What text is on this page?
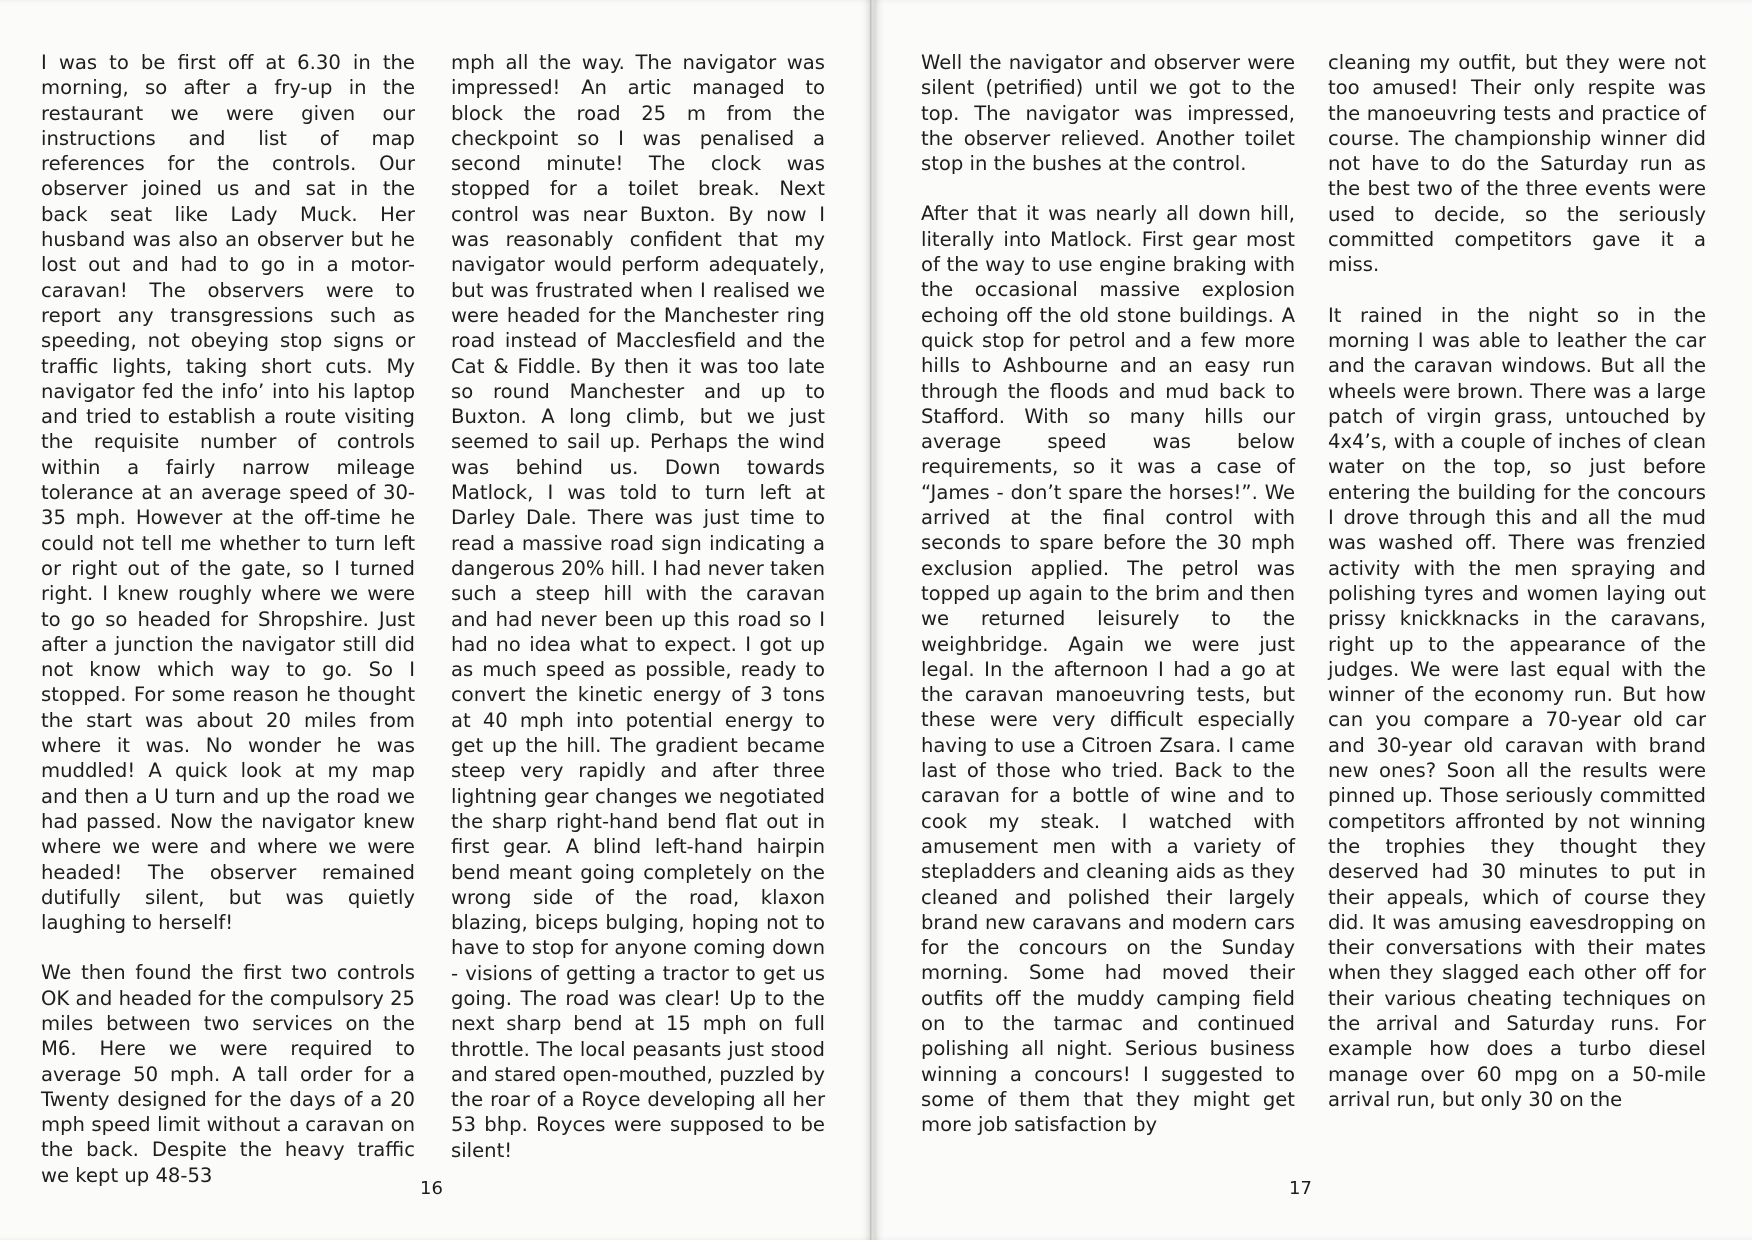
I was to be first off at 6.30 in the morning, so after a fry-up in the restaurant we were given our instructions and list of map references for the controls. Our observer joined us and sat in the back seat like Lady Muck. Her husband was also an observer but he lost out and had to go in a motor-caravan! The observers were to report any transgressions such as speeding, not obeying stop signs or traffic lights, taking short cuts. My navigator fed the info’ into his laptop and tried to establish a route visiting the requisite number of controls within a fairly narrow mileage tolerance at an average speed of 30-35 mph. However at the off-time he could not tell me whether to turn left or right out of the gate, so I turned right. I knew roughly where we were to go so headed for Shropshire. Just after a junction the navigator still did not know which way to go. So I stopped. For some reason he thought the start was about 20 miles from where it was. No wonder he was muddled! A quick look at my map and then a U turn and up the road we had passed. Now the navigator knew where we were and where we were headed! The observer remained dutifully silent, but was quietly laughing to herself!

We then found the first two controls OK and headed for the compulsory 25 miles between two services on the M6. Here we were required to average 50 mph. A tall order for a Twenty designed for the days of a 20 mph speed limit without a caravan on the back. Despite the heavy traffic we kept up 48-53

mph all the way. The navigator was impressed! An artic managed to block the road 25 m from the checkpoint so I was penalised a second minute! The clock was stopped for a toilet break. Next control was near Buxton. By now I was reasonably confident that my navigator would perform adequately, but was frustrated when I realised we were headed for the Manchester ring road instead of Macclesfield and the Cat & Fiddle. By then it was too late so round Manchester and up to Buxton. A long climb, but we just seemed to sail up. Perhaps the wind was behind us. Down towards Matlock, I was told to turn left at Darley Dale. There was just time to read a massive road sign indicating a dangerous 20% hill. I had never taken such a steep hill with the caravan and had never been up this road so I had no idea what to expect. I got up as much speed as possible, ready to convert the kinetic energy of 3 tons at 40 mph into potential energy to get up the hill. The gradient became steep very rapidly and after three lightning gear changes we negotiated the sharp right-hand bend flat out in first gear. A blind left-hand hairpin bend meant going completely on the wrong side of the road, klaxon blazing, biceps bulging, hoping not to have to stop for anyone coming down - visions of getting a tractor to get us going. The road was clear! Up to the next sharp bend at 15 mph on full throttle. The local peasants just stood and stared open-mouthed, puzzled by the roar of a Royce developing all her 53 bhp. Royces were supposed to be silent!

16

Well the navigator and observer were silent (petrified) until we got to the top. The navigator was impressed, the observer relieved. Another toilet stop in the bushes at the control.

After that it was nearly all down hill, literally into Matlock. First gear most of the way to use engine braking with the occasional massive explosion echoing off the old stone buildings. A quick stop for petrol and a few more hills to Ashbourne and an easy run through the floods and mud back to Stafford. With so many hills our average speed was below requirements, so it was a case of “James - don’t spare the horses!”. We arrived at the final control with seconds to spare before the 30 mph exclusion applied. The petrol was topped up again to the brim and then we returned leisurely to the weighbridge. Again we were just legal. In the afternoon I had a go at the caravan manoeuvring tests, but these were very difficult especially having to use a Citroen Zsara. I came last of those who tried. Back to the caravan for a bottle of wine and to cook my steak. I watched with amusement men with a variety of stepladders and cleaning aids as they cleaned and polished their largely brand new caravans and modern cars for the concours on the Sunday morning. Some had moved their outfits off the muddy camping field on to the tarmac and continued polishing all night. Serious business winning a concours! I suggested to some of them that they might get more job satisfaction by

cleaning my outfit, but they were not too amused! Their only respite was the manoeuvring tests and practice of course. The championship winner did not have to do the Saturday run as the best two of the three events were used to decide, so the seriously committed competitors gave it a miss.

It rained in the night so in the morning I was able to leather the car and the caravan windows. But all the wheels were brown. There was a large patch of virgin grass, untouched by 4x4’s, with a couple of inches of clean water on the top, so just before entering the building for the concours I drove through this and all the mud was washed off. There was frenzied activity with the men spraying and polishing tyres and women laying out prissy knickknacks in the caravans, right up to the appearance of the judges. We were last equal with the winner of the economy run. But how can you compare a 70-year old car and 30-year old caravan with brand new ones? Soon all the results were pinned up. Those seriously committed competitors affronted by not winning the trophies they thought they deserved had 30 minutes to put in their appeals, which of course they did. It was amusing eavesdropping on their conversations with their mates when they slagged each other off for their various cheating techniques on the arrival and Saturday runs. For example how does a turbo diesel manage over 60 mpg on a 50-mile arrival run, but only 30 on the

17
